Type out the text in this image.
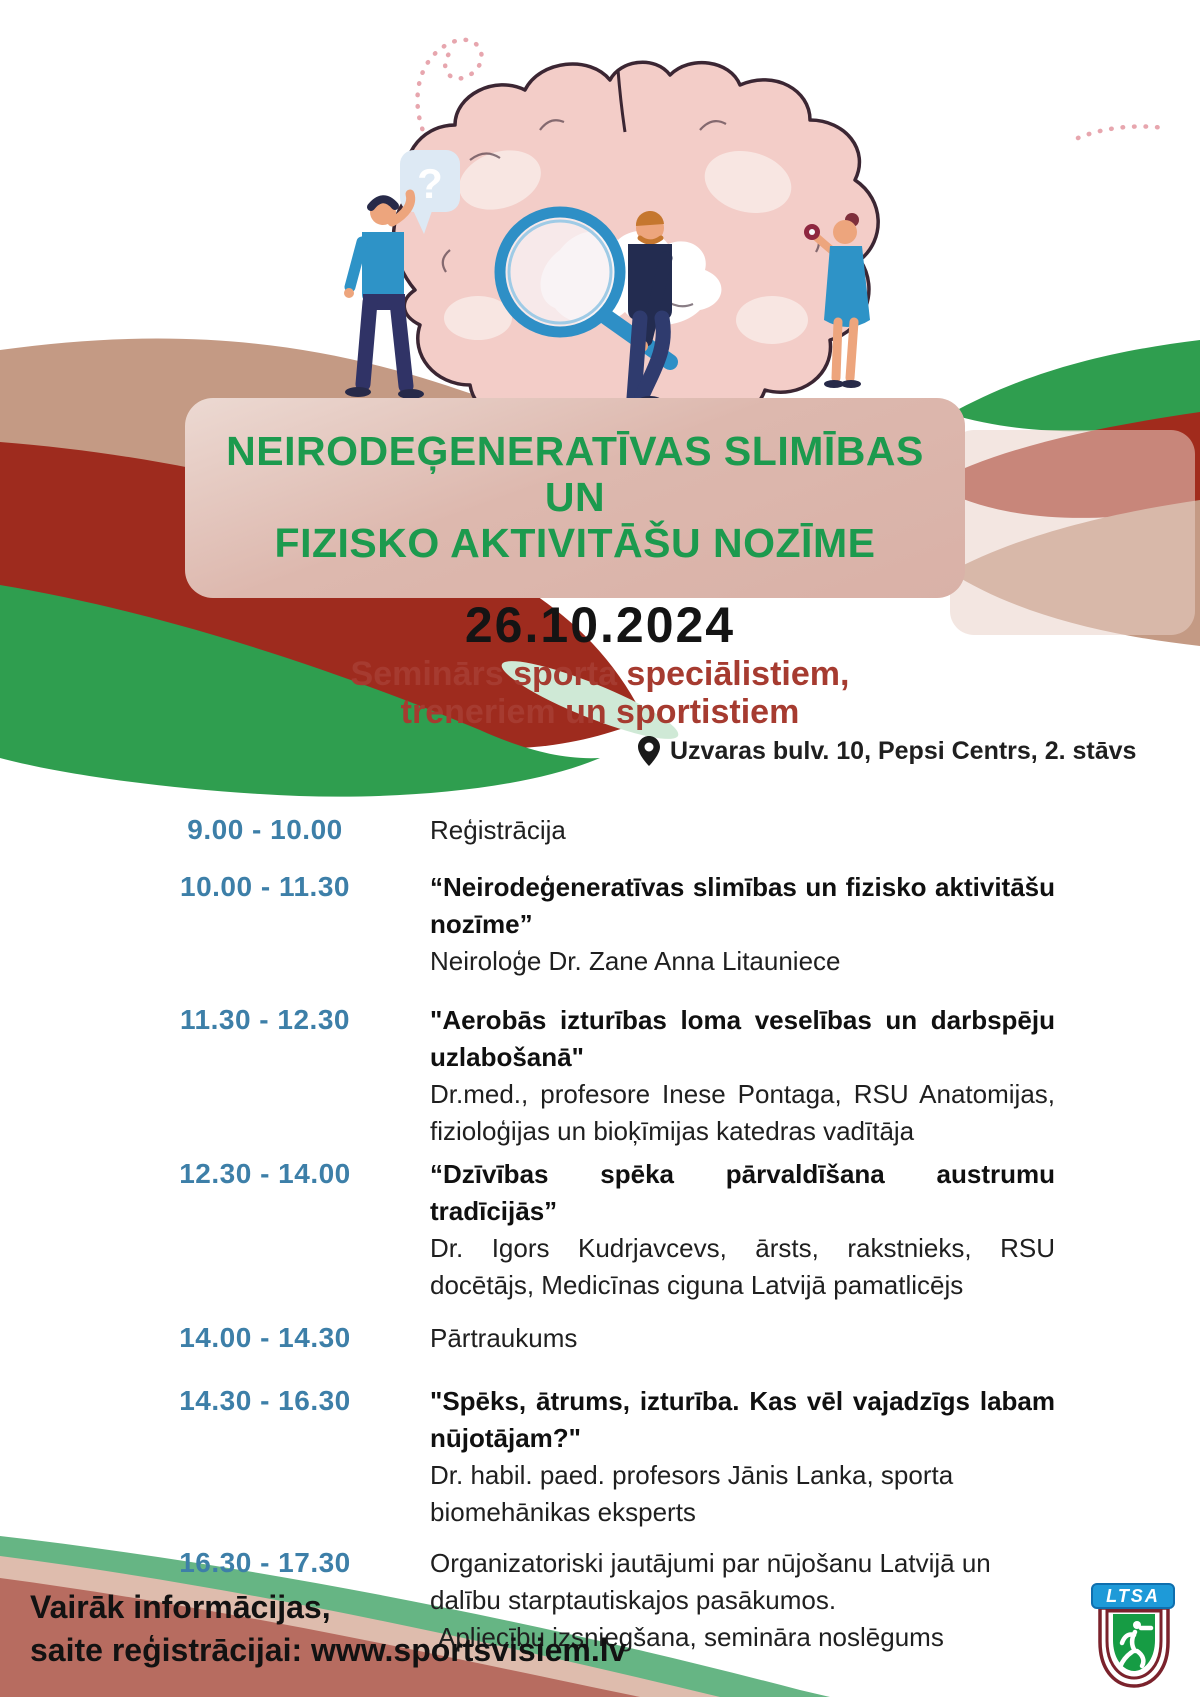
?
NEIRODEĢENERATĪVAS SLIMĪBAS
UN
FIZISKO AKTIVITĀŠU NOZĪME
26.10.2024
Seminārs sporta speciālistiem,
treneriem un sportistiem
Uzvaras bulv. 10, Pepsi Centrs, 2. stāvs
9.00 - 10.00	Reģistrācija
10.00 - 11.30	“Neirodeģeneratīvas slimības un fizisko aktivitāšu nozīme”
Neiroloģe Dr. Zane Anna Litauniece
11.30 - 12.30	"Aerobās izturības loma veselības un darbspēju uzlabošanā"
Dr.med., profesore Inese Pontaga, RSU Anatomijas, fizioloģijas un bioķīmijas katedras vadītāja
12.30 - 14.00	“Dzīvības spēka pārvaldīšana austrumu tradīcijās”
Dr. Igors Kudrjavcevs, ārsts, rakstnieks, RSU docētājs, Medicīnas ciguna Latvijā pamatlicējs
14.00 - 14.30	Pārtraukums
14.30 - 16.30	"Spēks, ātrums, izturība. Kas vēl vajadzīgs labam nūjotājam?"
Dr. habil. paed. profesors Jānis Lanka, sporta biomehānikas eksperts
16.30 - 17.30	Organizatoriski jautājumi par nūjošanu Latvijā un dalību starptautiskajos pasākumos.
Apliecību izsniegšana, semināra noslēgums
Vairāk informācijas,
saite reģistrācijai: www.sportsvisiem.lv
LTSA
